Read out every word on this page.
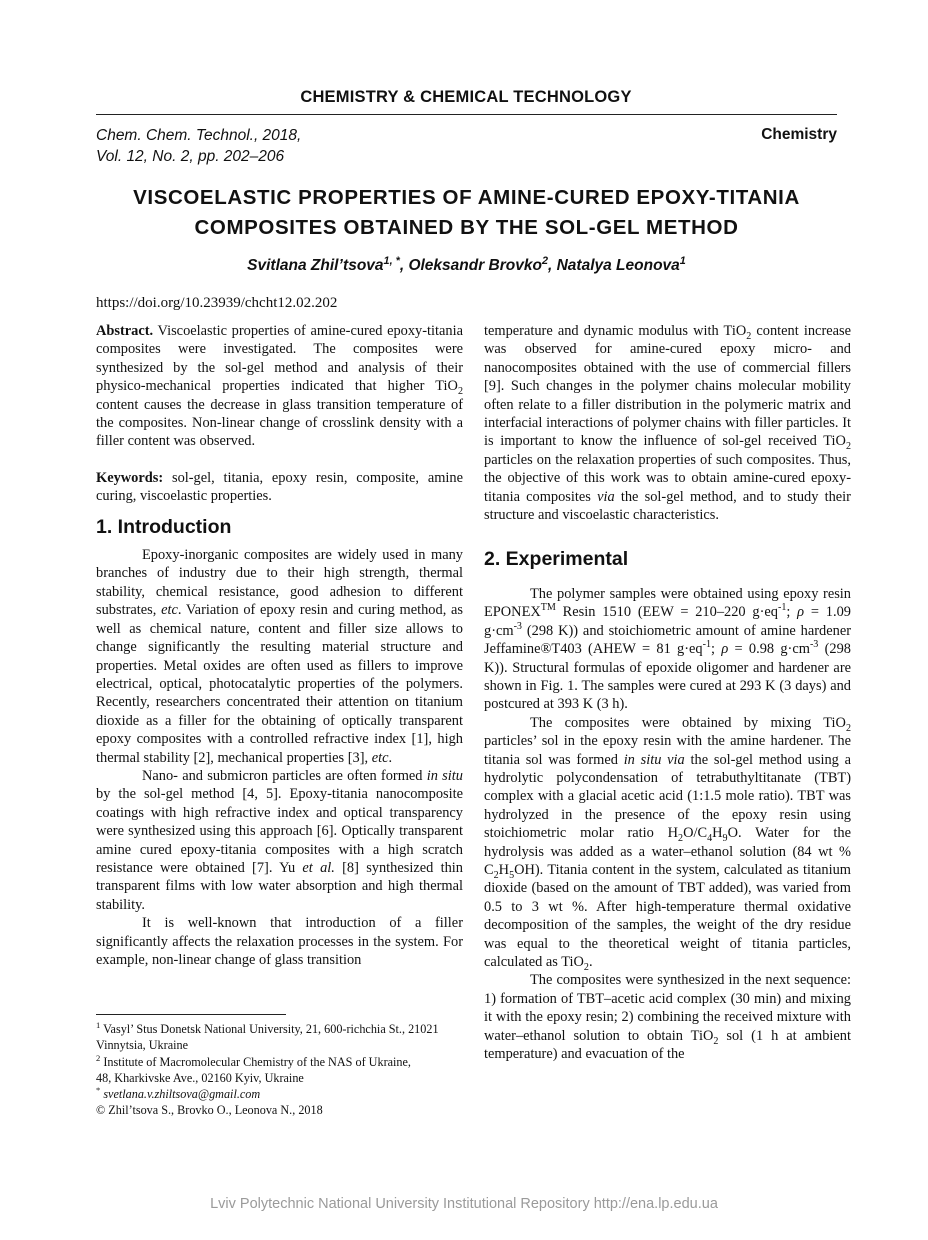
CHEMISTRY & CHEMICAL TECHNOLOGY
Chem. Chem. Technol., 2018,
Vol. 12, No. 2, pp. 202–206
Chemistry
VISCOELASTIC PROPERTIES OF AMINE-CURED EPOXY-TITANIA
COMPOSITES OBTAINED BY THE SOL-GEL METHOD
Svitlana Zhil’tsova$^{1, *}$, Oleksandr Brovko$^2$, Natalya Leonova$^1$
https://doi.org/10.23939/chcht12.02.202

Abstract. Viscoelastic properties of amine-cured epoxy-titania composites were investigated. The composites were synthesized by the sol-gel method and analysis of their physico-mechanical properties indicated that higher TiO$_2$ content causes the decrease in glass transition temperature of the composites. Non-linear change of crosslink density with a filler content was observed.

Keywords: sol-gel, titania, epoxy resin, composite, amine curing, viscoelastic properties.

1. Introduction

Epoxy-inorganic composites are widely used in many branches of industry due to their high strength, thermal stability, chemical resistance, good adhesion to different substrates, etc. Variation of epoxy resin and curing method, as well as chemical nature, content and filler size allows to change significantly the resulting material structure and properties. Metal oxides are often used as fillers to improve electrical, optical, photocatalytic properties of the polymers. Recently, researchers concentrated their attention on titanium dioxide as a filler for the obtaining of optically transparent epoxy composites with a controlled refractive index [1], high thermal stability [2], mechanical properties [3], etc.

Nano- and submicron particles are often formed in situ by the sol-gel method [4, 5]. Epoxy-titania nanocomposite coatings with high refractive index and optical transparency were synthesized using this approach [6]. Optically transparent amine cured epoxy-titania composites with a high scratch resistance were obtained [7]. Yu et al. [8] synthesized thin transparent films with low water absorption and high thermal stability.

It is well-known that introduction of a filler significantly affects the relaxation processes in the system. For example, non-linear change of glass transition

temperature and dynamic modulus with TiO$_2$ content increase was observed for amine-cured epoxy micro- and nanocomposites obtained with the use of commercial fillers [9]. Such changes in the polymer chains molecular mobility often relate to a filler distribution in the polymeric matrix and interfacial interactions of polymer chains with filler particles. It is important to know the influence of sol-gel received TiO$_2$ particles on the relaxation properties of such composites. Thus, the objective of this work was to obtain amine-cured epoxy-titania composites via the sol-gel method, and to study their structure and viscoelastic characteristics.

2. Experimental

The polymer samples were obtained using epoxy resin EPONEX™ Resin 1510 (EEW = 210–220 $g\cdot eq^{-1}$; ρ = 1.09 $g\cdot cm^{-3}$ (298 K)) and stoichiometric amount of amine hardener Jeffamine®T403 (AHEW = 81 $g\cdot eq^{-1}$; ρ = 0.98 $g\cdot cm^{-3}$ (298 K)). Structural formulas of epoxide oligomer and hardener are shown in Fig. 1. The samples were cured at 293 K (3 days) and postcured at 393 K (3 h).

The composites were obtained by mixing TiO$_2$ particles’ sol in the epoxy resin with the amine hardener. The titania sol was formed in situ via the sol-gel method using a hydrolytic polycondensation of tetrabuthyltitanate (TBT) complex with a glacial acetic acid (1:1.5 mole ratio). TBT was hydrolyzed in the presence of the epoxy resin using stoichiometric molar ratio $H_2O/C_4H_9O$. Water for the hydrolysis was added as a water–ethanol solution (84 wt % $C_2H_5OH$). Titania content in the system, calculated as titanium dioxide (based on the amount of TBT added), was varied from 0.5 to 3 wt %. After high-temperature thermal oxidative decomposition of the samples, the weight of the dry residue was equal to the theoretical weight of titania particles, calculated as TiO$_2$.

The composites were synthesized in the next sequence: 1) formation of TBT–acetic acid complex (30 min) and mixing it with the epoxy resin; 2) combining the received mixture with water–ethanol solution to obtain TiO$_2$ sol (1 h at ambient temperature) and evacuation of the

$^1$ Vasyl’ Stus Donetsk National University, 21, 600-richchia St., 21021 Vinnytsia, Ukraine
$^2$ Institute of Macromolecular Chemistry of the NAS of Ukraine,
48, Kharkivske Ave., 02160 Kyiv, Ukraine
* svetlana.v.zhiltsova@gmail.com
© Zhil’tsova S., Brovko O., Leonova N., 2018
Lviv Polytechnic National University Institutional Repository http://ena.lp.edu.ua
